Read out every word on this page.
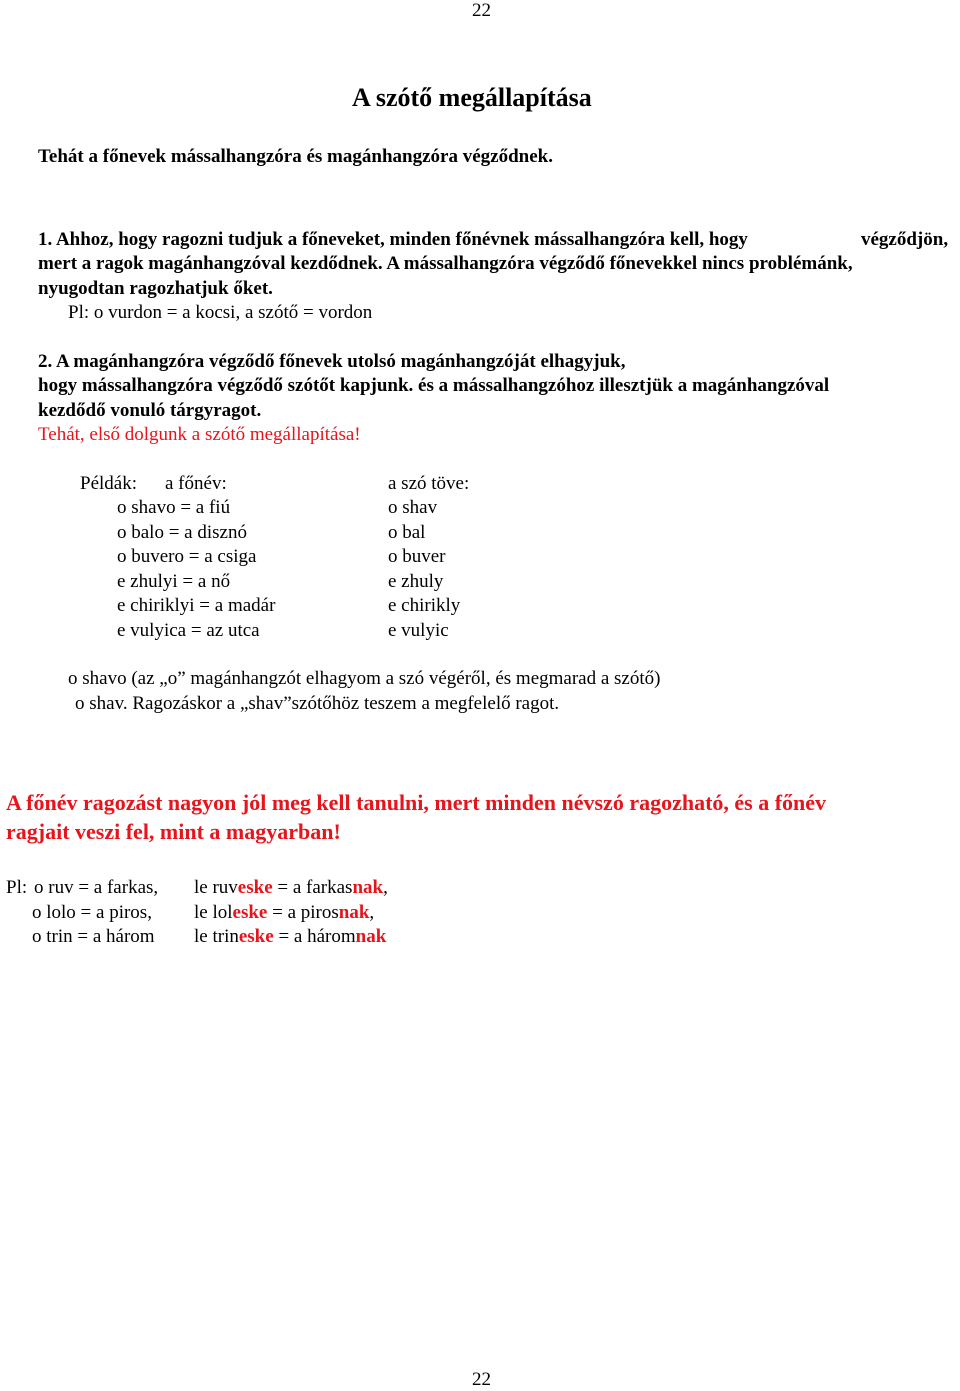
22
A szótő megállapítása
Tehát a főnevek mássalhangzóra és magánhangzóra végződnek.
1. Ahhoz, hogy ragozni tudjuk a főneveket, minden főnévnek mássalhangzóra kell, hogy	végződjön,
mert a ragok magánhangzóval kezdődnek. A mássalhangzóra végződő főnevekkel nincs problémánk,
nyugodtan ragozhatjuk őket.
Pl: o vurdon = a kocsi, a szótő = vordon
2. A magánhangzóra végződő főnevek utolsó magánhangzóját elhagyjuk,
hogy mássalhangzóra végződő szótőt kapjunk. és a mássalhangzóhoz illesztjük a magánhangzóval
kezdődő vonuló tárgyragot.
Tehát, első dolgunk a szótő megállapítása!
Példák: a főnév:	a szó töve:
o shavo = a fiú	o shav
o balo = a disznó	o bal
o buvero = a csiga	o buver
e zhulyi = a nő	e zhuly
e chiriklyi = a madár	e chirikly
e vulyica = az utca	e vulyic
o shavo (az „o” magánhangzót elhagyom a szó végéről, és megmarad a szótő)
o shav. Ragozáskor a „shav”szótőhöz teszem a megfelelő ragot.
A főnév ragozást nagyon jól meg kell tanulni, mert minden névszó ragozható, és a főnév
ragjait veszi fel, mint a magyarban!
Pl: o ruv = a farkas, le ruveske = a farkasnak,
o lolo = a piros, le loleske = a pirosnak,
o trin = a három le trineske = a háromnak
22
